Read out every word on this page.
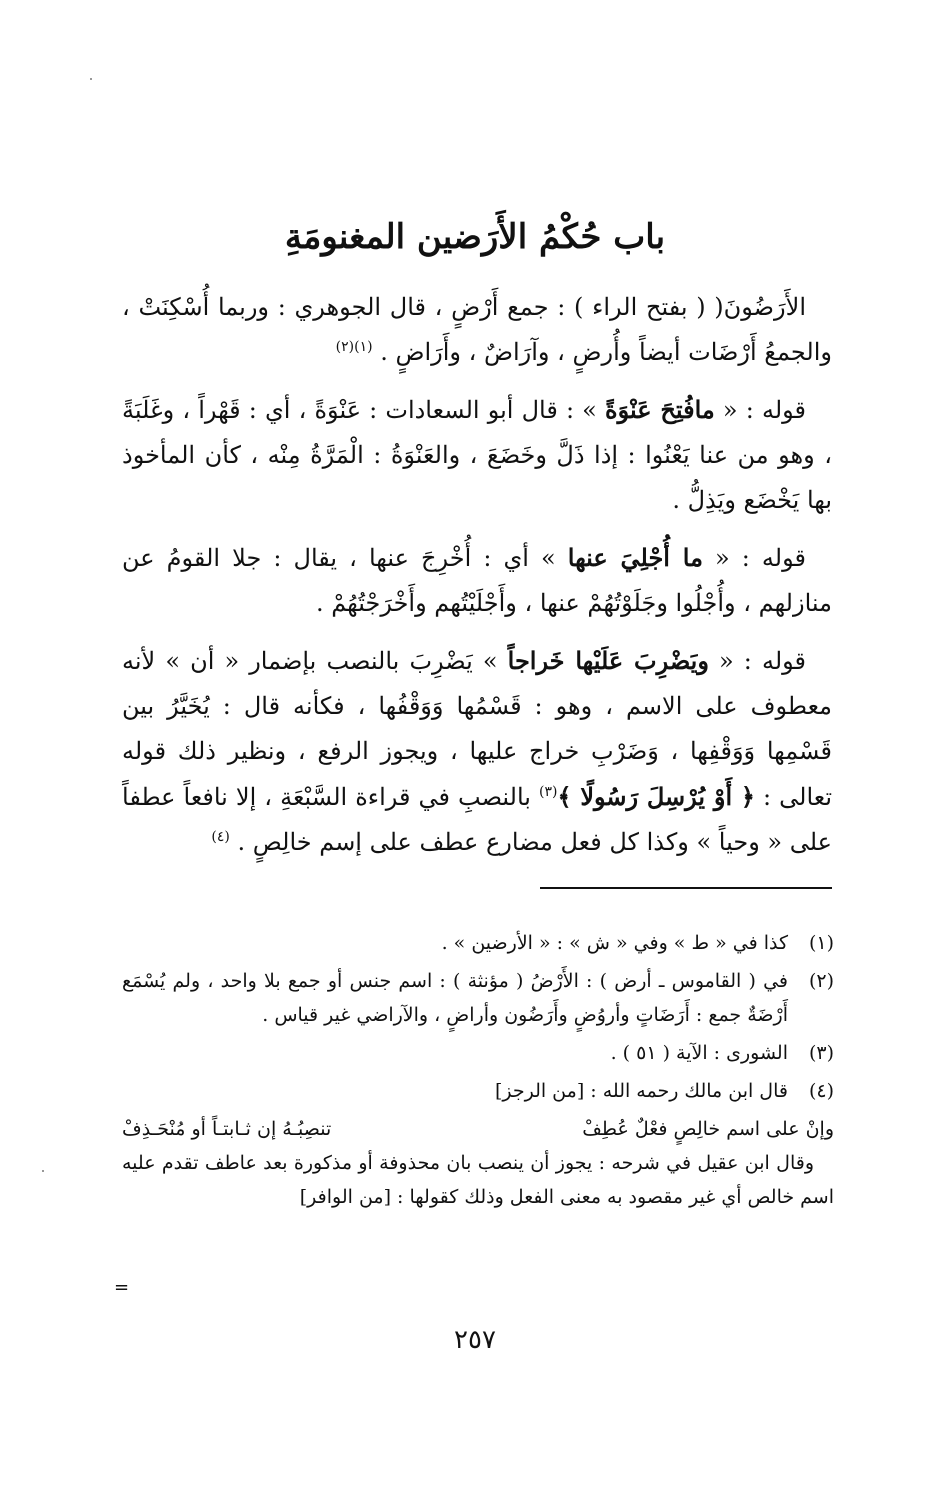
باب حُكْمُ الأَرَضين المغنومَةِ

الأَرَضُونَ( ( بفتح الراء ) : جمع أَرْضٍ ، قال الجوهري : وربما أُسْكِنَتْ ، والجمعُ أَرْضَات أيضاً وأُرضٍ ، وآرَاضٌ ، وأَرَاضٍ . $^{(١)(٢)}$

قوله : « مافُتِحَ عَنْوَةً » : قال أبو السعادات : عَنْوَةً ، أي : قَهْراً ، وغَلَبَةً ، وهو من عنا يَعْنُوا : إذا ذَلَّ وخَضَعَ ، والعَنْوَةُ : الْمَرَّةُ مِنْه ، كأن المأخوذ بها يَخْضَع ويَذِلُّ .

قوله : « ما أُجْلِيَ عنها » أي : أُخْرِجَ عنها ، يقال : جلا القومُ عن منازلهم ، وأُجْلُوا وجَلَوْتُهُمْ عنها ، وأَجْلَيْتُهم وأَخْرَجْتُهُمْ .

قوله : « ويَضْرِبَ عَلَيْها خَراجاً » يَضْرِبَ بالنصب بإضمار « أن » لأنه معطوف على الاسم ، وهو : قَسْمُها وَوَقْفُها ، فكأنه قال : يُخَيَّرُ بين قَسْمِها وَوَقْفِها ، وَضَرْبِ خراج عليها ، ويجوز الرفع ، ونظير ذلك قوله تعالى : ﴿ أَوْ يُرْسِلَ رَسُولًا ﴾$^{(٣)}$ بالنصبِ في قراءة السَّبْعَةِ ، إلا نافعاً عطفاً على « وحياً » وكذا كل فعل مضارع عطف على إسم خالِصٍ . $^{(٤)}$

(١)
كذا في « ط » وفي « ش » : « الأرضين » .
(٢)
في ( القاموس ـ أرض ) : الأَرْضُ ( مؤنثة ) : اسم جنس أو جمع بلا واحد ، ولم يُسْمَع أَرْضَةٌ جمع : أَرَضَاتٍ وأروُضٍ وأَرَضُون وأراضٍ ، والآراضي غير قياس .
(٣)
الشورى : الآية ( ٥١ ) .
(٤)
قال ابن مالك رحمه الله : [من الرجز]
وإنْ على اسم خالِصٍ فعْلٌ عُطِفْ
تنصِبُـهُ إن ثـابتـاً أو مُنْحَـذِفْ

وقال ابن عقيل في شرحه : يجوز أن ينصب بان محذوفة أو مذكورة بعد عاطف تقدم عليه اسم خالص أي غير مقصود به معنى الفعل وذلك كقولها : [من الوافر]

=
٢٥٧
